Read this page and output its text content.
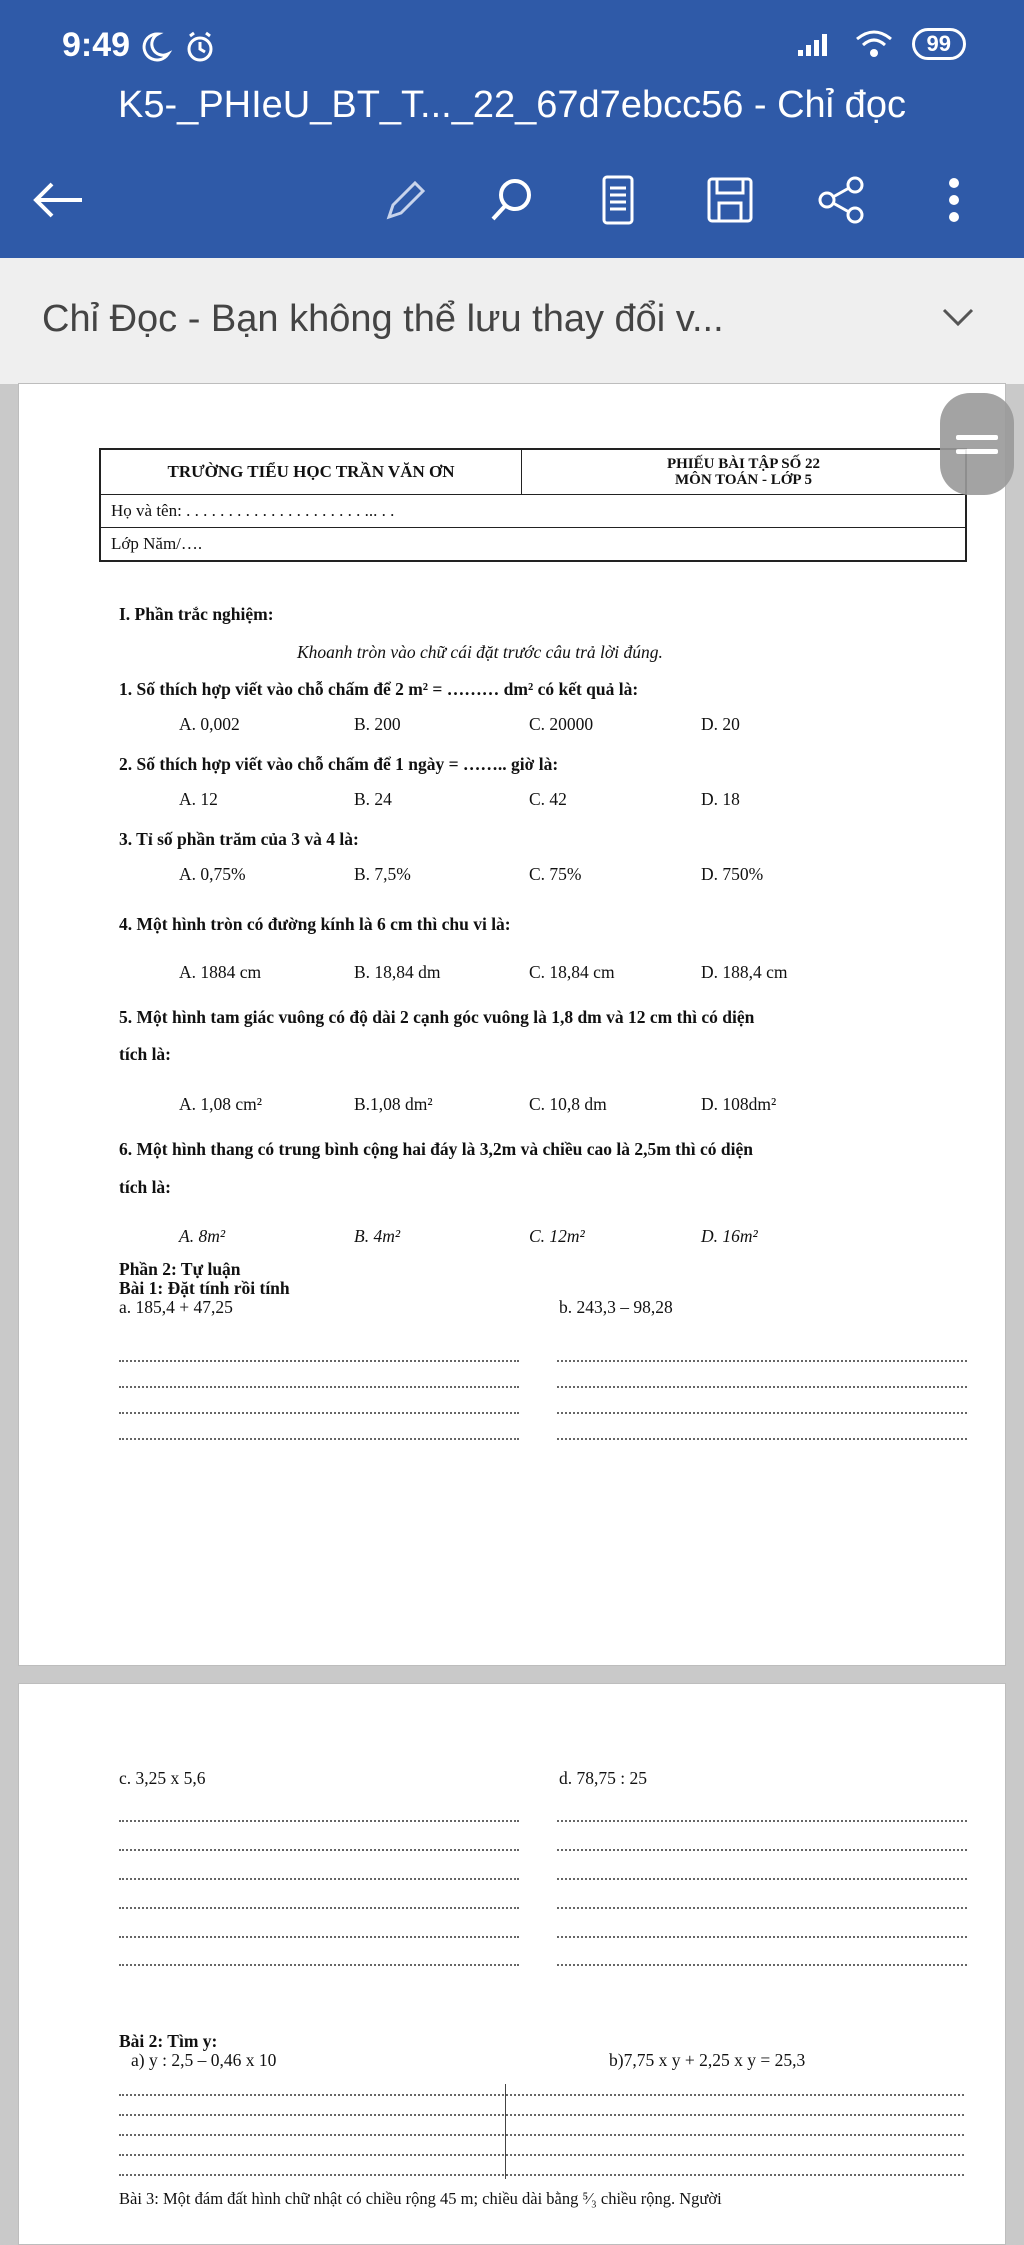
9:49	99
K5-_PHIeU_BT_T..._22_67d7ebcc56 - Chỉ đọc
Chỉ Đọc - Bạn không thể lưu thay đổi v...
TRƯỜNG TIỂU HỌC TRẦN VĂN ƠN	PHIẾU BÀI TẬP SỐ 22
MÔN TOÁN - LỚP 5

Họ và tên: . . . . . . . . . . . . . . . . . . . . . ... . .
Lớp Năm/….
I. Phần trắc nghiệm:
Khoanh tròn vào chữ cái đặt trước câu trả lời đúng.
1. Số thích hợp viết vào chỗ chấm để 2 m² = ……… dm² có kết quả là:
A. 0,002	B. 200	C. 20000	D. 20
2. Số thích hợp viết vào chỗ chấm để 1 ngày = …….. giờ là:
A. 12	B. 24	C. 42	D. 18
3. Tỉ số phần trăm của 3 và 4 là:
A. 0,75%	B. 7,5%	C. 75%	D. 750%
4. Một hình tròn có đường kính là 6 cm thì chu vi là:
A. 1884 cm	B. 18,84 dm	C. 18,84 cm	D. 188,4 cm
5. Một hình tam giác vuông có độ dài 2 cạnh góc vuông là 1,8 dm và 12 cm thì có diện
tích là:
A. 1,08 cm²	B.1,08 dm²	C. 10,8 dm	D. 108dm²
6. Một hình thang có trung bình cộng hai đáy là 3,2m và chiều cao là 2,5m thì có diện
tích là:
A. 8m²	B. 4m²	C. 12m²	D. 16m²
Phần 2: Tự luận
Bài 1: Đặt tính rồi tính
a. 185,4 + 47,25	b. 243,3 – 98,28
c. 3,25 x 5,6	d. 78,75 : 25
Bài 2: Tìm y:
a) y : 2,5 – 0,46 x 10	b)7,75 x y + 2,25 x y = 25,3
Bài 3: Một đám đất hình chữ nhật có chiều rộng 45 m; chiều dài bằng ⁵⁄₃ chiều rộng. Người
